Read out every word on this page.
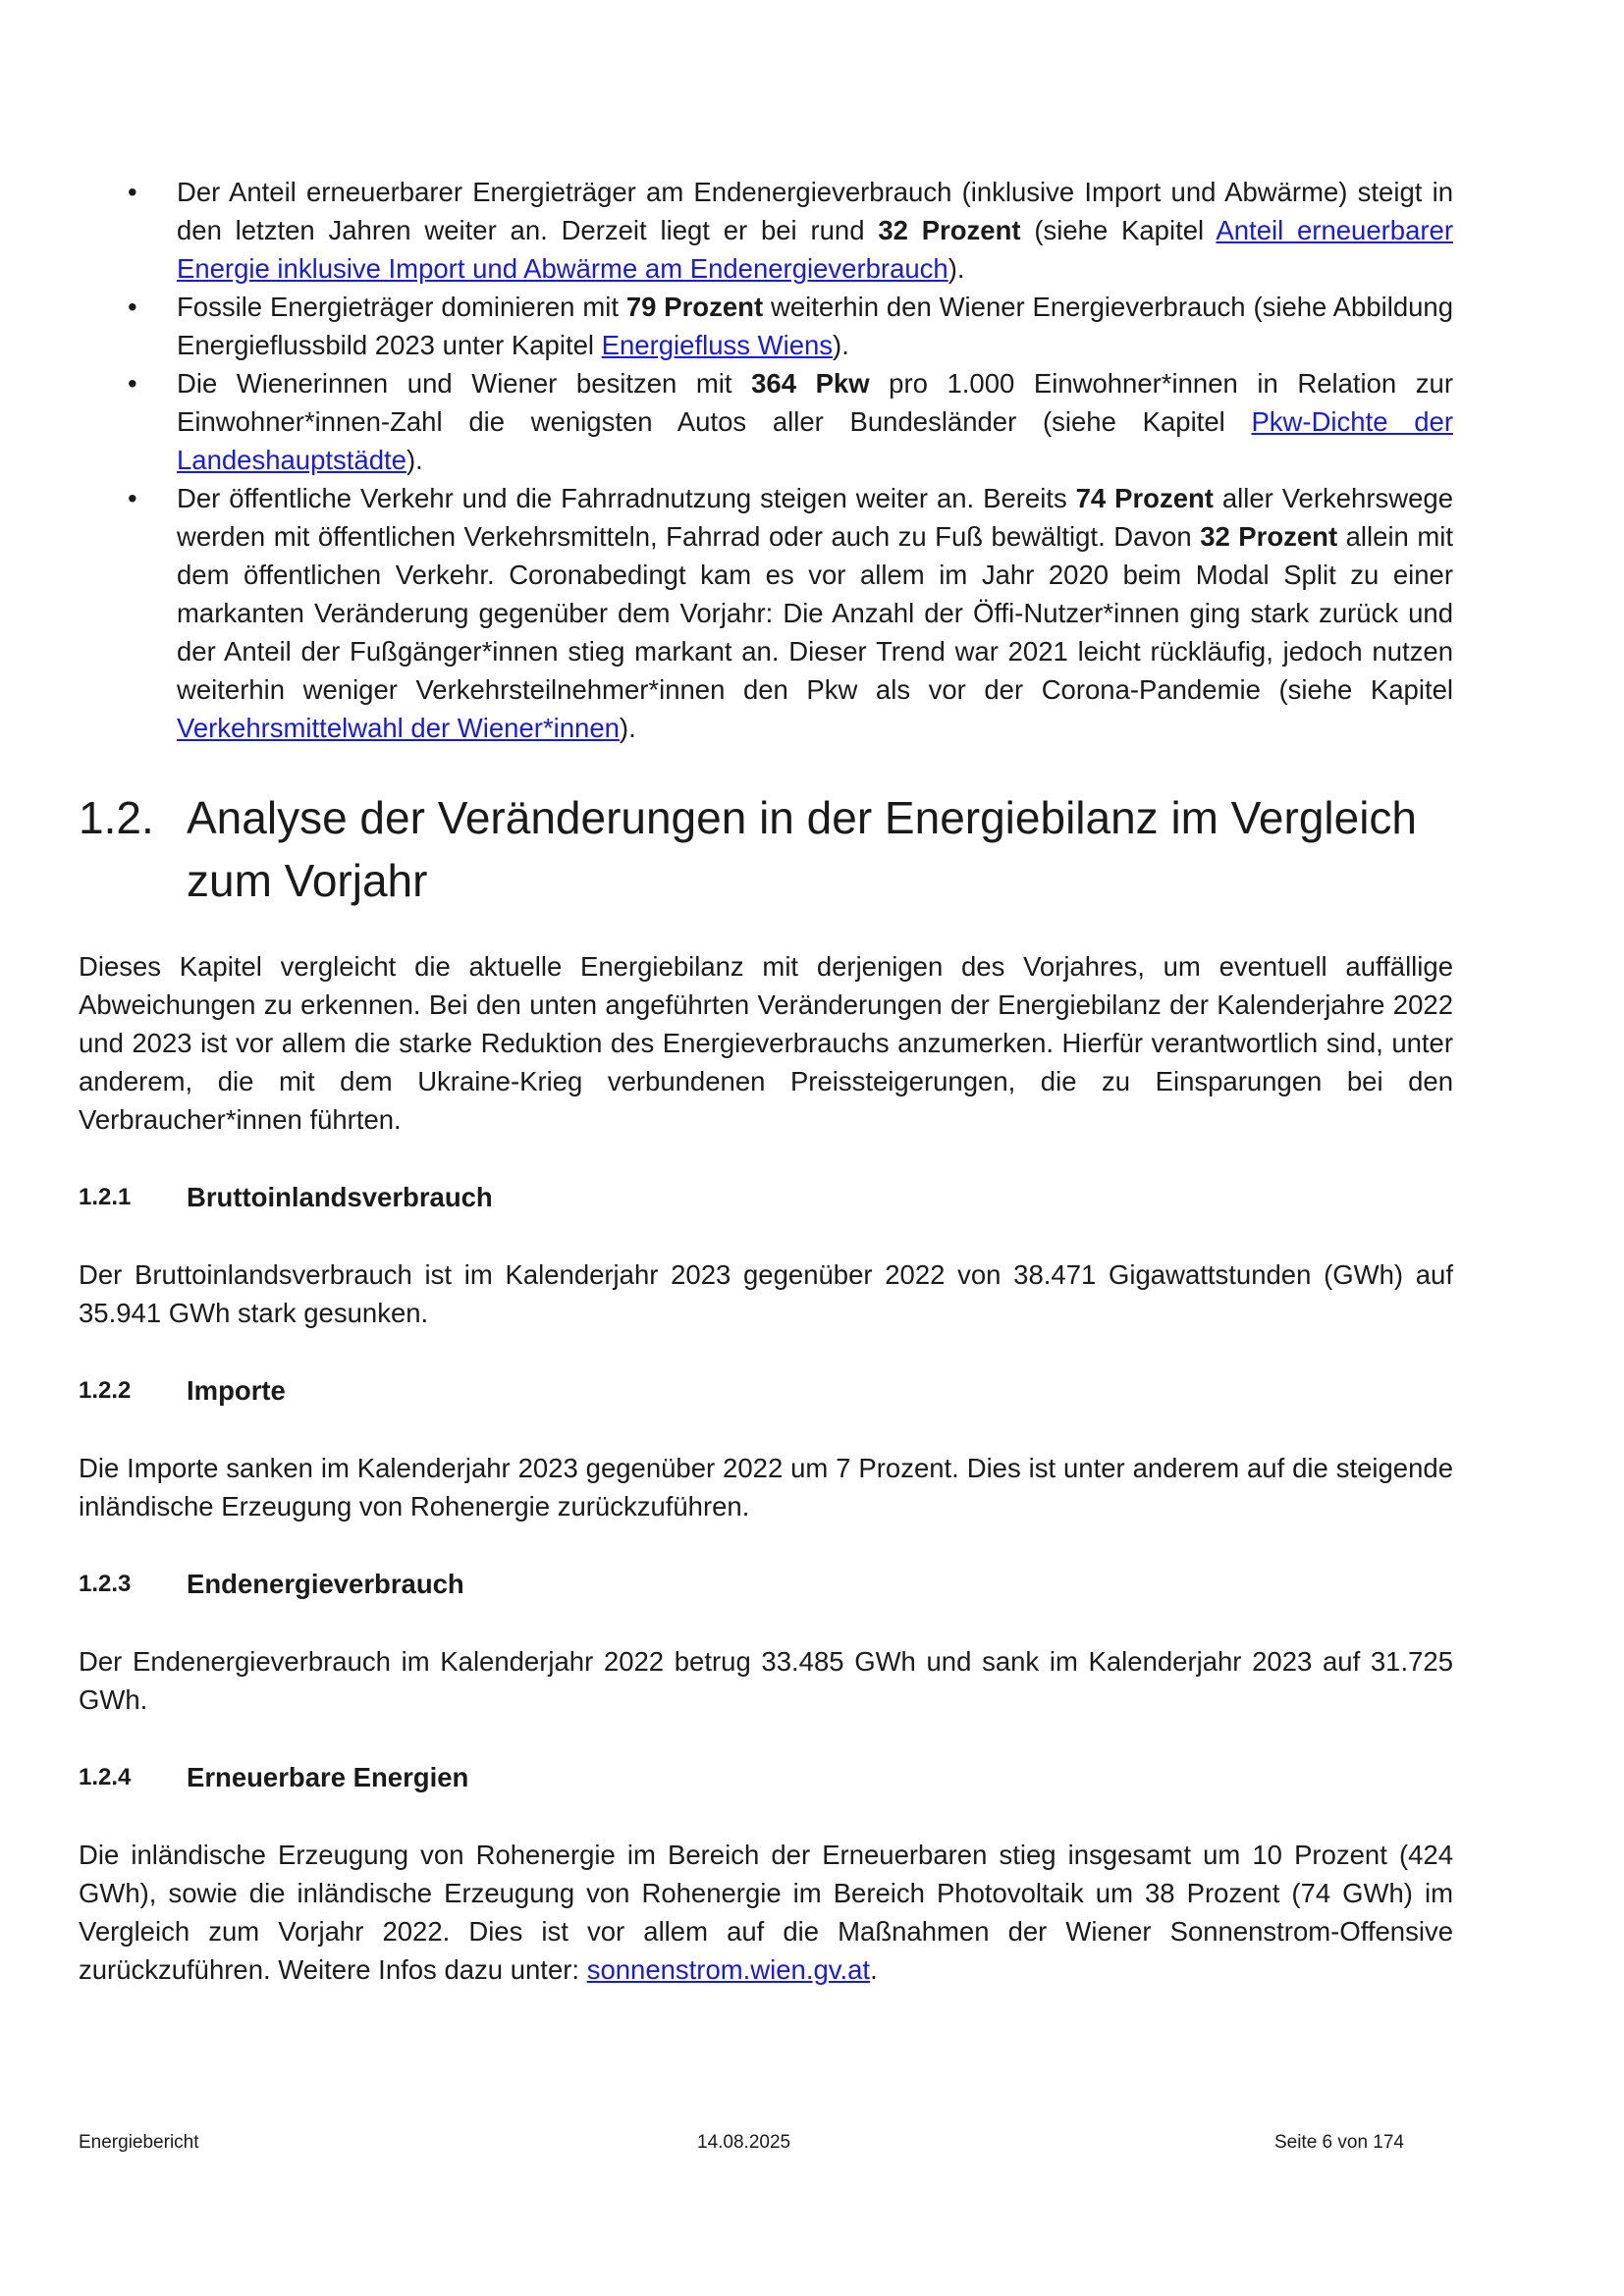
• Der Anteil erneuerbarer Energieträger am Endenergieverbrauch (inklusive Import und Abwärme) steigt in den letzten Jahren weiter an. Derzeit liegt er bei rund 32 Prozent (siehe Kapitel Anteil erneuerbarer Energie inklusive Import und Abwärme am Endenergieverbrauch).
• Fossile Energieträger dominieren mit 79 Prozent weiterhin den Wiener Energieverbrauch (siehe Abbildung Energieflussbild 2023 unter Kapitel Energiefluss Wiens).
• Die Wienerinnen und Wiener besitzen mit 364 Pkw pro 1.000 Einwohner*innen in Relation zur Einwohner*innen-Zahl die wenigsten Autos aller Bundesländer (siehe Kapitel Pkw-Dichte der Landeshauptstädte).
• Der öffentliche Verkehr und die Fahrradnutzung steigen weiter an. Bereits 74 Prozent aller Verkehrswege werden mit öffentlichen Verkehrsmitteln, Fahrrad oder auch zu Fuß bewältigt. Davon 32 Prozent allein mit dem öffentlichen Verkehr. Coronabedingt kam es vor allem im Jahr 2020 beim Modal Split zu einer markanten Veränderung gegenüber dem Vorjahr: Die Anzahl der Öffi-Nutzer*innen ging stark zurück und der Anteil der Fußgänger*innen stieg markant an. Dieser Trend war 2021 leicht rückläufig, jedoch nutzen weiterhin weniger Verkehrsteilnehmer*innen den Pkw als vor der Corona-Pandemie (siehe Kapitel Verkehrsmittelwahl der Wiener*innen).
1.2. Analyse der Veränderungen in der Energiebilanz im Vergleich zum Vorjahr

Dieses Kapitel vergleicht die aktuelle Energiebilanz mit derjenigen des Vorjahres, um eventuell auffällige Abweichungen zu erkennen. Bei den unten angeführten Veränderungen der Energiebilanz der Kalenderjahre 2022 und 2023 ist vor allem die starke Reduktion des Energieverbrauchs anzumerken. Hierfür verantwortlich sind, unter anderem, die mit dem Ukraine-Krieg verbundenen Preissteigerungen, die zu Einsparungen bei den Verbraucher*innen führten.

1.2.1	Bruttoinlandsverbrauch

Der Bruttoinlandsverbrauch ist im Kalenderjahr 2023 gegenüber 2022 von 38.471 Gigawattstunden (GWh) auf 35.941 GWh stark gesunken.

1.2.2	Importe

Die Importe sanken im Kalenderjahr 2023 gegenüber 2022 um 7 Prozent. Dies ist unter anderem auf die steigende inländische Erzeugung von Rohenergie zurückzuführen.

1.2.3	Endenergieverbrauch

Der Endenergieverbrauch im Kalenderjahr 2022 betrug 33.485 GWh und sank im Kalenderjahr 2023 auf 31.725 GWh.

1.2.4	Erneuerbare Energien

Die inländische Erzeugung von Rohenergie im Bereich der Erneuerbaren stieg insgesamt um 10 Prozent (424 GWh), sowie die inländische Erzeugung von Rohenergie im Bereich Photovoltaik um 38 Prozent (74 GWh) im Vergleich zum Vorjahr 2022. Dies ist vor allem auf die Maßnahmen der Wiener Sonnenstrom-Offensive zurückzuführen. Weitere Infos dazu unter: sonnenstrom.wien.gv.at.

Energiebericht	14.08.2025	Seite 6 von 174
